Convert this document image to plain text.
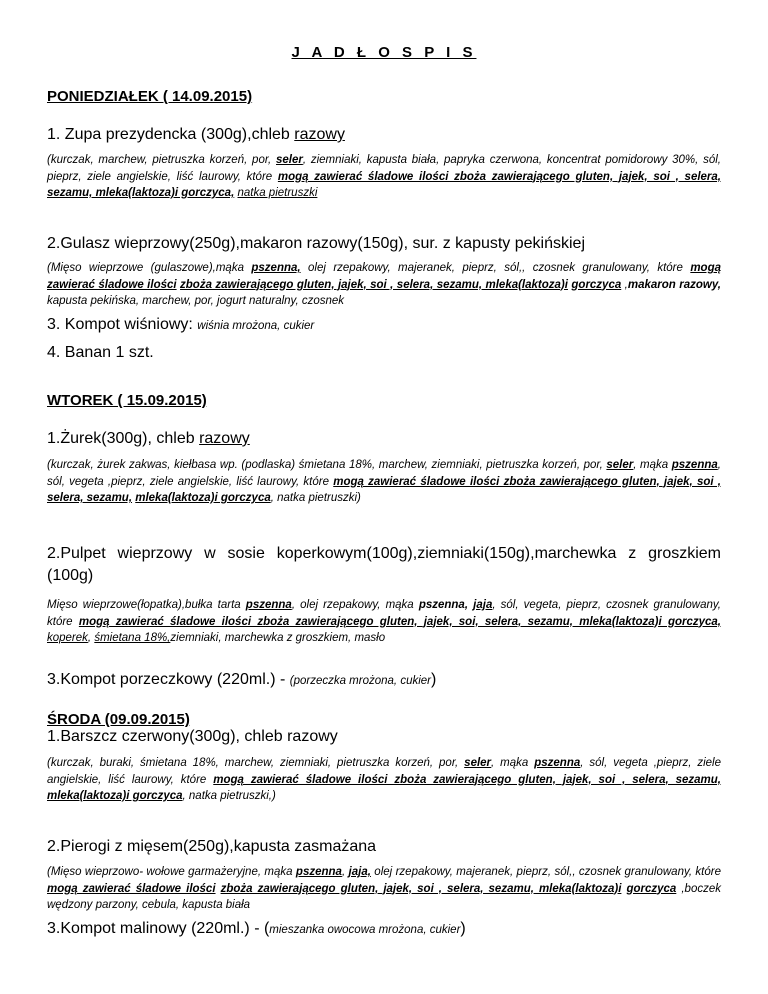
J A D Ł O S P I S
PONIEDZIAŁEK ( 14.09.2015)
1. Zupa prezydencka (300g),chleb razowy
(kurczak, marchew, pietruszka korzeń, por, seler, ziemniaki, kapusta biała, papryka czerwona, koncentrat pomidorowy 30%, sól, pieprz, ziele angielskie, liść laurowy, które mogą zawierać śladowe ilości zboża zawierającego gluten, jajek, soi , selera, sezamu, mleka(laktoza)i gorczyca, natka pietruszki
2.Gulasz wieprzowy(250g),makaron razowy(150g), sur. z kapusty pekińskiej
(Mięso wieprzowe (gulaszowe),mąka pszenna, olej rzepakowy, majeranek, pieprz, sól,, czosnek granulowany, które mogą zawierać śladowe ilości zboża zawierającego gluten, jajek, soi , selera, sezamu, mleka(laktoza)i gorczyca ,makaron razowy, kapusta pekińska, marchew, por, jogurt naturalny, czosnek
3. Kompot wiśniowy: wiśnia mrożona, cukier
4. Banan 1 szt.
WTOREK ( 15.09.2015)
1.Żurek(300g), chleb razowy
(kurczak, żurek zakwas, kiełbasa wp. (podlaska) śmietana 18%, marchew, ziemniaki, pietruszka korzeń, por, seler, mąka pszenna, sól, vegeta ,pieprz, ziele angielskie, liść laurowy, które mogą zawierać śladowe ilości zboża zawierającego gluten, jajek, soi , selera, sezamu, mleka(laktoza)i gorczyca, natka pietruszki)
2.Pulpet wieprzowy w sosie koperkowym(100g),ziemniaki(150g),marchewka z groszkiem (100g)
Mięso wieprzowe(łopatka),bułka tarta pszenna, olej rzepakowy, mąka pszenna, jaja, sól, vegeta, pieprz, czosnek granulowany, które mogą zawierać śladowe ilości zboża zawierającego gluten, jajek, soi, selera, sezamu, mleka(laktoza)i gorczyca, koperek, śmietana 18%,ziemniaki, marchewka z groszkiem, masło
3.Kompot porzeczkowy (220ml.) - (porzeczka mrożona, cukier)
ŚRODA (09.09.2015)
1.Barszcz czerwony(300g), chleb razowy
(kurczak, buraki, śmietana 18%, marchew, ziemniaki, pietruszka korzeń, por, seler, mąka pszenna, sól, vegeta ,pieprz, ziele angielskie, liść laurowy, które mogą zawierać śladowe ilości zboża zawierającego gluten, jajek, soi , selera, sezamu, mleka(laktoza)i gorczyca, natka pietruszki,)
2.Pierogi z mięsem(250g),kapusta zasmażana
(Mięso wieprzowo- wołowe garmażeryjne, mąka pszenna, jaja, olej rzepakowy, majeranek, pieprz, sól,, czosnek granulowany, które mogą zawierać śladowe ilości zboża zawierającego gluten, jajek, soi , selera, sezamu, mleka(laktoza)i gorczyca ,boczek wędzony parzony, cebula, kapusta biała
3.Kompot malinowy (220ml.) - (mieszanka owocowa mrożona, cukier)
